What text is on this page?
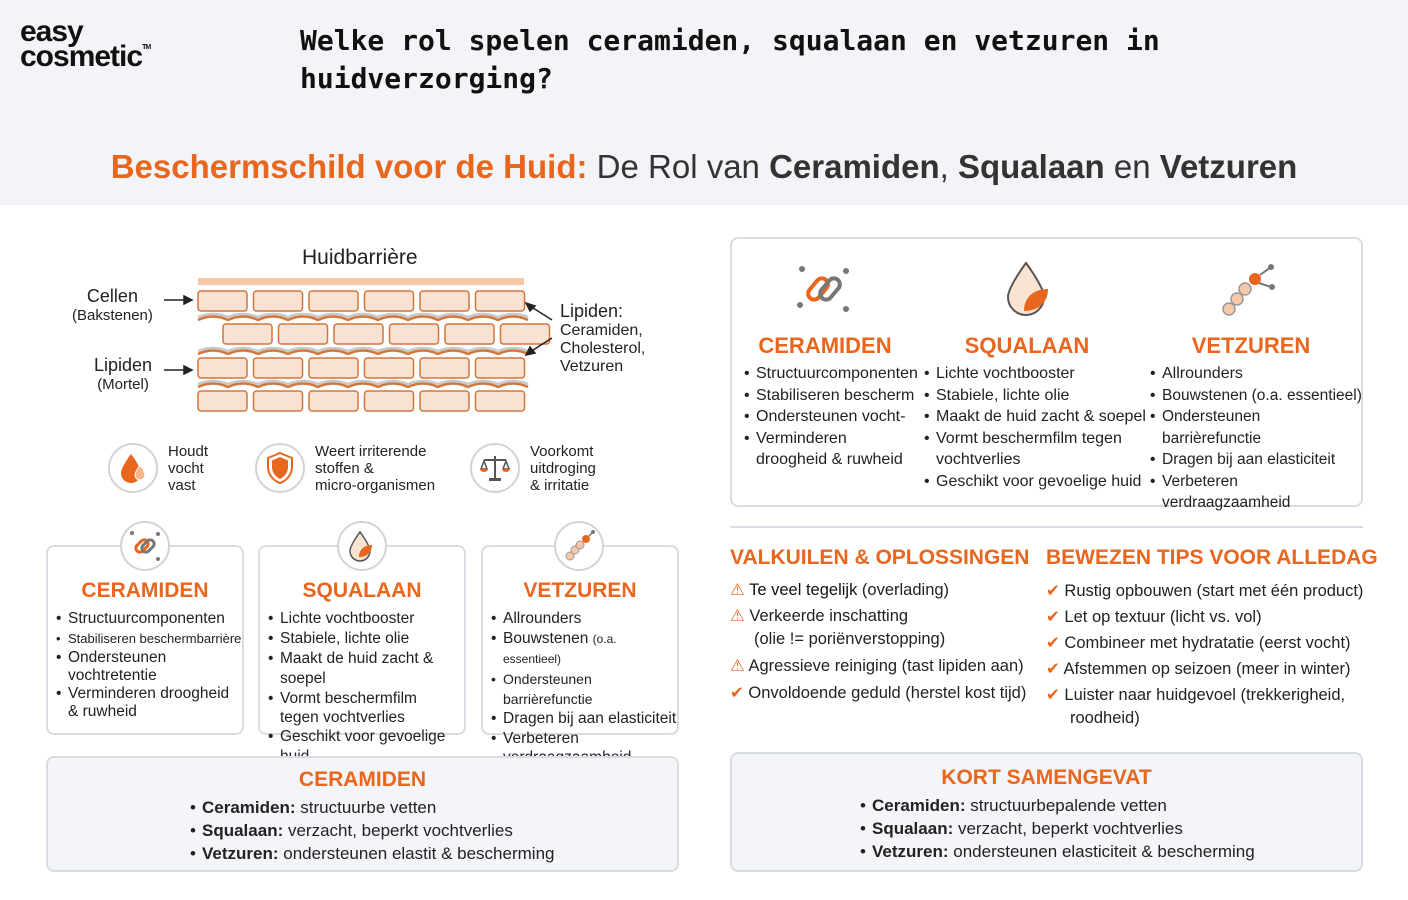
easy
cosmetic™	Welke rol spelen ceramiden, squalaan en vetzuren in huidverzorging?
Beschermschild voor de Huid: De Rol van Ceramiden, Squalaan en Vetzuren
Huidbarrière
Cellen
(Bakstenen)
Lipiden
(Mortel)
Lipiden:
Ceramiden,
Cholesterol,
Vetzuren
Houdt
vocht
vast
Weert irriterende
stoffen &
micro-organismen
Voorkomt
uitdroging
& irritatie
CERAMIDEN
• Structuurcomponenten
• Stabiliseren beschermbarrière
• Ondersteunen vochtretentie
• Verminderen droogheid & ruwheid
SQUALAAN
• Lichte vochtbooster
• Stabiele, lichte olie
• Maakt de huid zacht & soepel
• Vormt beschermfilm tegen vochtverlies
• Geschikt voor gevoelige
VETZUREN
• Allrounders
• Bouwstenen (o.a. essentieel)
• Ondersteunen barrièrefunctie
• Dragen bij aan elasticiteit
• Verbeteren
CERAMIDEN
• Ceramiden: structuurbe​ vetten
• Squalaan: verzacht, beperkt vochtverlies
• Vetzuren: ondersteunen elastit & bescherming
CERAMIDEN
• Structuurcomponenten
• Stabiliseren bescherm
• Ondersteunen vocht-
• Verminderen droogheid & ruwheid
SQUALAAN
• Lichte vochtbooster
• Stabiele, lichte olie
• Maakt de huid zacht & soepel
• Vormt beschermfilm tegen vochtverlies
• Geschikt voor gevoelige huid
VETZUREN
• Allrounders
• Bouwstenen (o.a. essentieel)
• Ondersteunen barrièrefunctie
• Dragen bij aan elasticiteit
• Verbeteren verdraagzaamheid
VALKUILEN & OPLOSSINGEN
⚠ Te veel tegelijk (overlading)
⚠ Verkeerde inschatting
(olie != poriënverstopping)
⚠ Agressieve reiniging (tast lipiden aan)
✔ Onvoldoende geduld (herstel kost tijd)
BEWEZEN TIPS VOOR ALLEDAG
✔ Rustig opbouwen (start met één product)
✔ Let op textuur (licht vs. vol)
✔ Combineer met hydratatie (eerst vocht)
✔ Afstemmen op seizoen (meer in winter)
✔ Luister naar huidgevoel (trekkerigheid,
roodheid)
KORT SAMENGEVAT
• Ceramiden: structuurbepalende vetten
• Squalaan: verzacht, beperkt vochtverlies
• Vetzuren: ondersteunen elasticiteit & bescherming
